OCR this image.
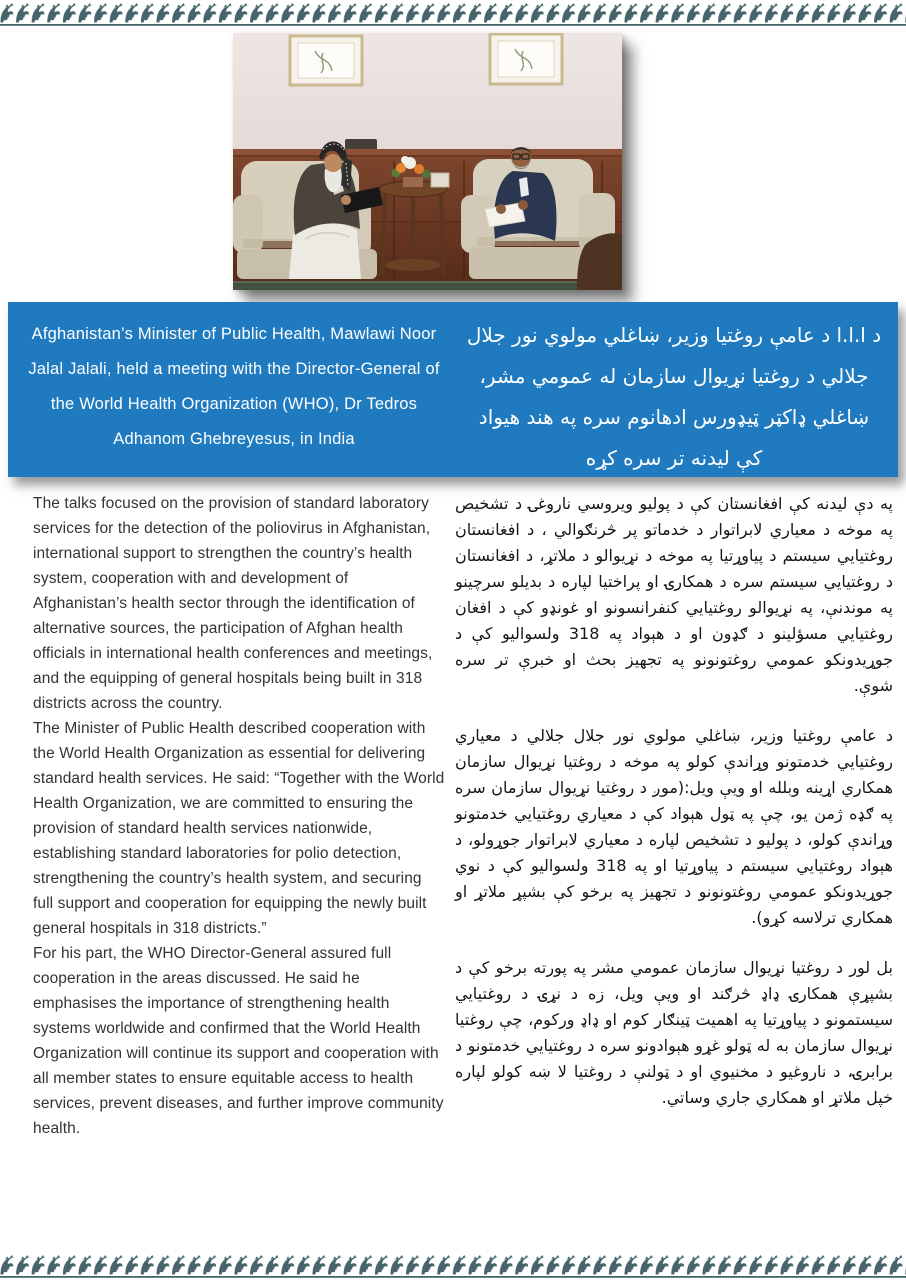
Afghanistan’s Minister of Public Health, Mawlawi Noor Jalal Jalali, held a meeting with the Director-General of the World Health Organization (WHO), Dr Tedros Adhanom Ghebreyesus, in India
د ا.ا.ا د عامې روغتیا وزیر، ښاغلي مولوي نور جلال جلالي د روغتیا نړیوال سازمان له عمومي مشر، ښاغلي ډاکټر ټیډورس ادهانوم سره په هند هیواد کې لیدنه تر سره کړه

The talks focused on the provision of standard laboratory services for the detection of the poliovirus in Afghanistan, international support to strengthen the country’s health system, cooperation with and development of Afghanistan’s health sector through the identification of alternative sources, the participation of Afghan health officials in international health conferences and meetings, and the equipping of general hospitals being built in 318 districts across the country.

The Minister of Public Health described cooperation with the World Health Organization as essential for delivering standard health services. He said: “Together with the World Health Organization, we are committed to ensuring the provision of standard health services nationwide, establishing standard laboratories for polio detection, strengthening the country’s health system, and securing full support and cooperation for equipping the newly built general hospitals in 318 districts.”

For his part, the WHO Director-General assured full cooperation in the areas discussed. He said he emphasises the importance of strengthening health systems worldwide and confirmed that the World Health Organization will continue its support and cooperation with all member states to ensure equitable access to health services, prevent diseases, and further improve community health.

په دې لیدنه کې افغانستان کې د پولیو ویروسي ناروغۍ د تشخیص په موخه د معیاري لابراتوار د خدماتو پر څرنګوالي ، د افغانستان روغتیایي سیستم د پیاوړتیا په موخه د نړیوالو د ملاتړ، د افغانستان د روغتیایي سیستم سره د همکارۍ او پراختیا لپاره د بدیلو سرچینو په موندنې، په نړیوالو روغتیایي کنفرانسونو او غونډو کې د افغان روغتیایي مسؤلینو د ګډون او د هېواد په 318 ولسوالیو کې د جوړیدونکو عمومي روغتونونو په تجهیز بحث او خبرې تر سره شوې.

د عامې روغتیا وزیر، ښاغلي مولوي نور جلال جلالي د معیاري روغتیایي خدمتونو وړاندې کولو په موخه د روغتیا نړیوال سازمان همکاري اړینه وبلله او ویې ویل:(موږ د روغتیا نړیوال سازمان سره په ګډه ژمن یو، چې په ټول هېواد کې د معیاري روغتیایي خدمتونو وړاندې کولو، د پولیو د تشخیص لپاره د معیاري لابراتوار جوړولو، د هېواد روغتیایي سیستم د پیاوړتیا او په 318 ولسوالیو کې د نوي جوړیدونکو عمومي روغتونونو د تجهیز په برخو کې بشپړ ملاتړ او همکاري ترلاسه کړو).

بل لور د روغتیا نړیوال سازمان عمومي مشر په پورته برخو کې د بشپړې همکارۍ ډاډ څرګند او ویې ویل، زه د نړۍ د روغتیایي سیستمونو د پیاوړتیا په اهمیت ټینګار کوم او ډاډ ورکوم، چې روغتیا نړیوال سازمان به له ټولو غړو هېوادونو سره د روغتیایي خدمتونو د برابرۍ، د ناروغیو د مخنیوي او د ټولنې د روغتیا لا ښه کولو لپاره خپل ملاتړ او همکاري جاري وساتي.
